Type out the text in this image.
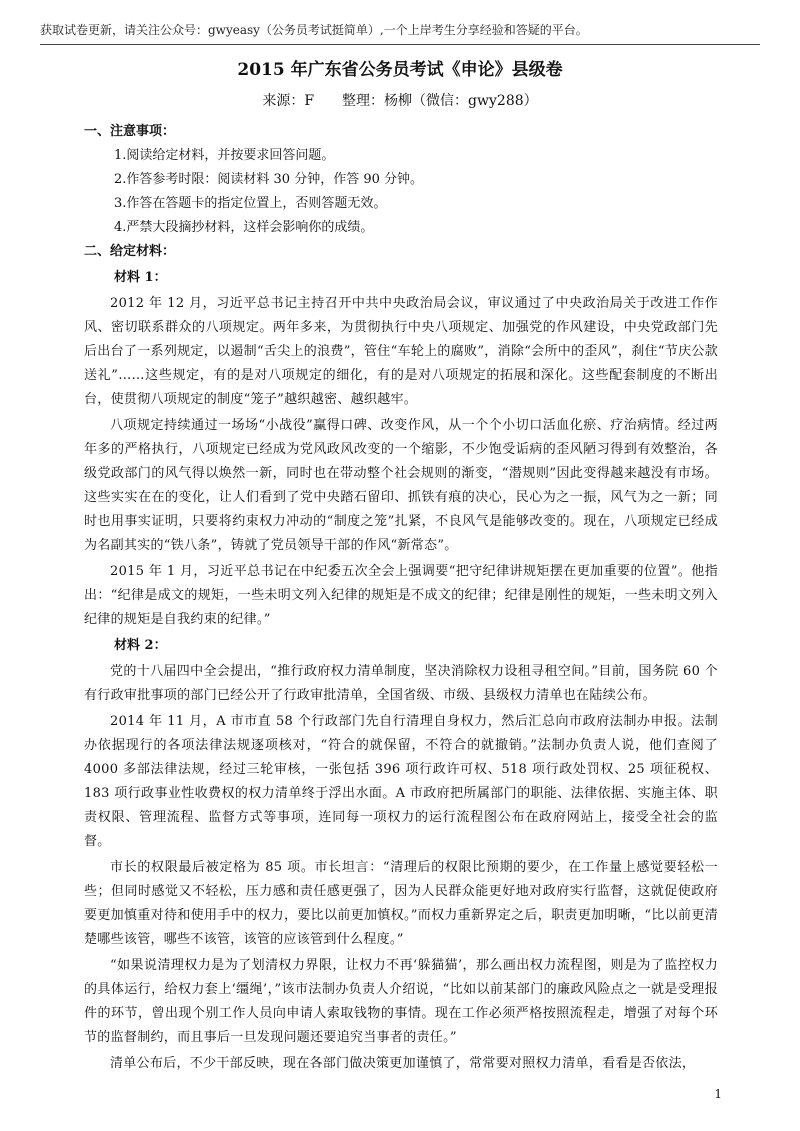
获取试卷更新，请关注公众号：gwyeasy（公务员考试挺简单）,一个上岸考生分享经验和答疑的平台。
2015 年广东省公务员考试《申论》县级卷
来源：F　　整理：杨柳（微信：gwy288）

一、注意事项：

1.阅读给定材料，并按要求回答问题。

2.作答参考时限：阅读材料 30 分钟，作答 90 分钟。

3.作答在答题卡的指定位置上，否则答题无效。

4.严禁大段摘抄材料，这样会影响你的成绩。

二、给定材料：

材料 1：

2012 年 12 月，习近平总书记主持召开中共中央政治局会议，审议通过了中央政治局关于改进工作作风、密切联系群众的八项规定。两年多来，为贯彻执行中央八项规定、加强党的作风建设，中央党政部门先后出台了一系列规定，以遏制“舌尖上的浪费”，管住“车轮上的腐败”，消除“会所中的歪风”，刹住“节庆公款送礼”……这些规定，有的是对八项规定的细化，有的是对八项规定的拓展和深化。这些配套制度的不断出台，使贯彻八项规定的制度“笼子”越织越密、越织越牢。

八项规定持续通过一场场“小战役”赢得口碑、改变作风，从一个个小切口活血化瘀、疗治病情。经过两年多的严格执行，八项规定已经成为党风政风改变的一个缩影，不少饱受诟病的歪风陋习得到有效整治，各级党政部门的风气得以焕然一新，同时也在带动整个社会规则的渐变，“潜规则”因此变得越来越没有市场。这些实实在在的变化，让人们看到了党中央踏石留印、抓铁有痕的决心，民心为之一振，风气为之一新；同时也用事实证明，只要将约束权力冲动的“制度之笼”扎紧，不良风气是能够改变的。现在，八项规定已经成为名副其实的“铁八条”，铸就了党员领导干部的作风“新常态”。

2015 年 1 月，习近平总书记在中纪委五次全会上强调要“把守纪律讲规矩摆在更加重要的位置”。他指出：“纪律是成文的规矩，一些未明文列入纪律的规矩是不成文的纪律；纪律是刚性的规矩，一些未明文列入纪律的规矩是自我约束的纪律。”

材料 2：

党的十八届四中全会提出，“推行政府权力清单制度，坚决消除权力设租寻租空间。”目前，国务院 60 个有行政审批事项的部门已经公开了行政审批清单，全国省级、市级、县级权力清单也在陆续公布。

2014 年 11 月，A 市市直 58 个行政部门先自行清理自身权力，然后汇总向市政府法制办申报。法制办依据现行的各项法律法规逐项核对，“符合的就保留，不符合的就撤销。”法制办负责人说，他们查阅了 4000 多部法律法规，经过三轮审核，一张包括 396 项行政许可权、518 项行政处罚权、25 项征税权、183 项行政事业性收费权的权力清单终于浮出水面。A 市政府把所属部门的职能、法律依据、实施主体、职责权限、管理流程、监督方式等事项，连同每一项权力的运行流程图公布在政府网站上，接受全社会的监督。

市长的权限最后被定格为 85 项。市长坦言：“清理后的权限比预期的要少，在工作量上感觉要轻松一些；但同时感觉又不轻松，压力感和责任感更强了，因为人民群众能更好地对政府实行监督，这就促使政府要更加慎重对待和使用手中的权力，要比以前更加慎权。”而权力重新界定之后，职责更加明晰，“比以前更清楚哪些该管，哪些不该管，该管的应该管到什么程度。”

“如果说清理权力是为了划清权力界限，让权力不再‘躲猫猫’，那么画出权力流程图，则是为了监控权力的具体运行，给权力套上‘缰绳’，”该市法制办负责人介绍说，“比如以前某部门的廉政风险点之一就是受理报件的环节，曾出现个别工作人员向申请人索取钱物的事情。现在工作必须严格按照流程走，增强了对每个环节的监督制约，而且事后一旦发现问题还要追究当事者的责任。”

清单公布后，不少干部反映，现在各部门做决策更加谨慎了，常常要对照权力清单，看看是否依法，

1
